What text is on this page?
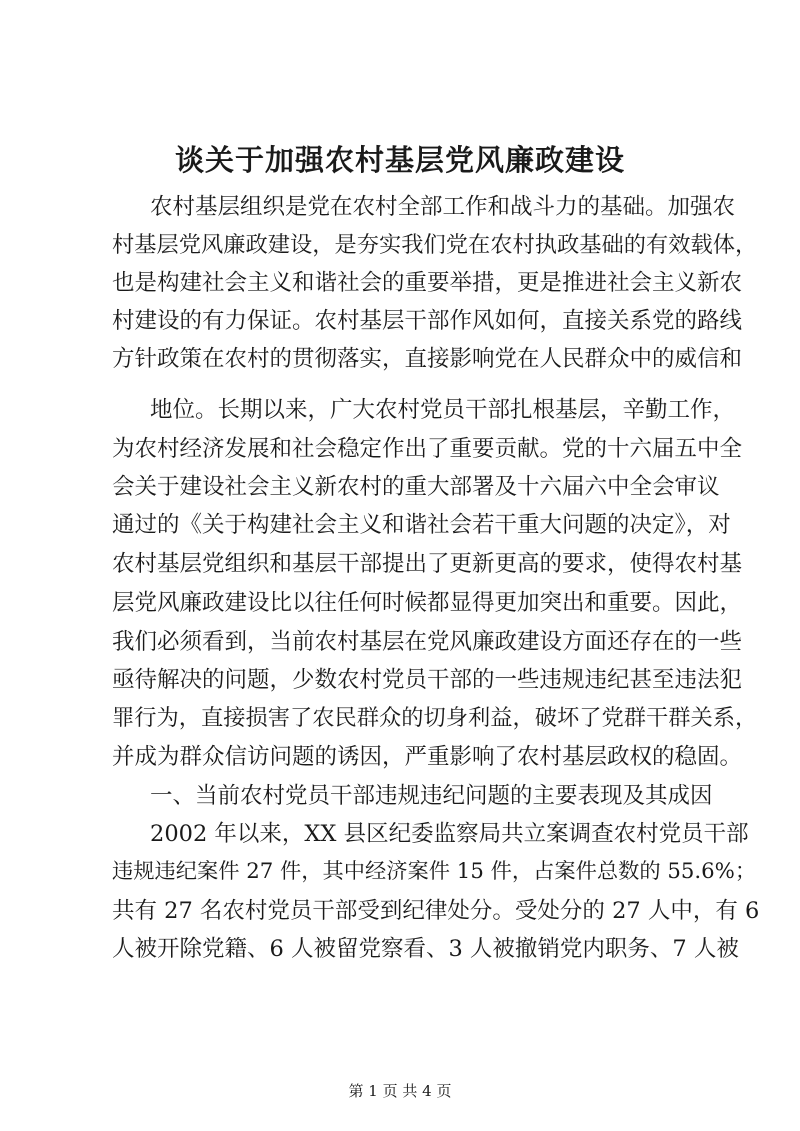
谈关于加强农村基层党风廉政建设
农村基层组织是党在农村全部工作和战斗力的基础。加强农
村基层党风廉政建设，是夯实我们党在农村执政基础的有效载体，
也是构建社会主义和谐社会的重要举措，更是推进社会主义新农
村建设的有力保证。农村基层干部作风如何，直接关系党的路线
方针政策在农村的贯彻落实，直接影响党在人民群众中的威信和
地位。长期以来，广大农村党员干部扎根基层，辛勤工作，
为农村经济发展和社会稳定作出了重要贡献。党的十六届五中全
会关于建设社会主义新农村的重大部署及十六届六中全会审议
通过的《关于构建社会主义和谐社会若干重大问题的决定》，对
农村基层党组织和基层干部提出了更新更高的要求，使得农村基
层党风廉政建设比以往任何时候都显得更加突出和重要。因此，
我们必须看到，当前农村基层在党风廉政建设方面还存在的一些
亟待解决的问题，少数农村党员干部的一些违规违纪甚至违法犯
罪行为，直接损害了农民群众的切身利益，破坏了党群干群关系，
并成为群众信访问题的诱因，严重影响了农村基层政权的稳固。
一、当前农村党员干部违规违纪问题的主要表现及其成因
2002 年以来，XX 县区纪委监察局共立案调查农村党员干部
违规违纪案件 27 件，其中经济案件 15 件，占案件总数的 55.6%；
共有 27 名农村党员干部受到纪律处分。受处分的 27 人中，有 6
人被开除党籍、6 人被留党察看、3 人被撤销党内职务、7 人被
第 1 页 共 4 页
